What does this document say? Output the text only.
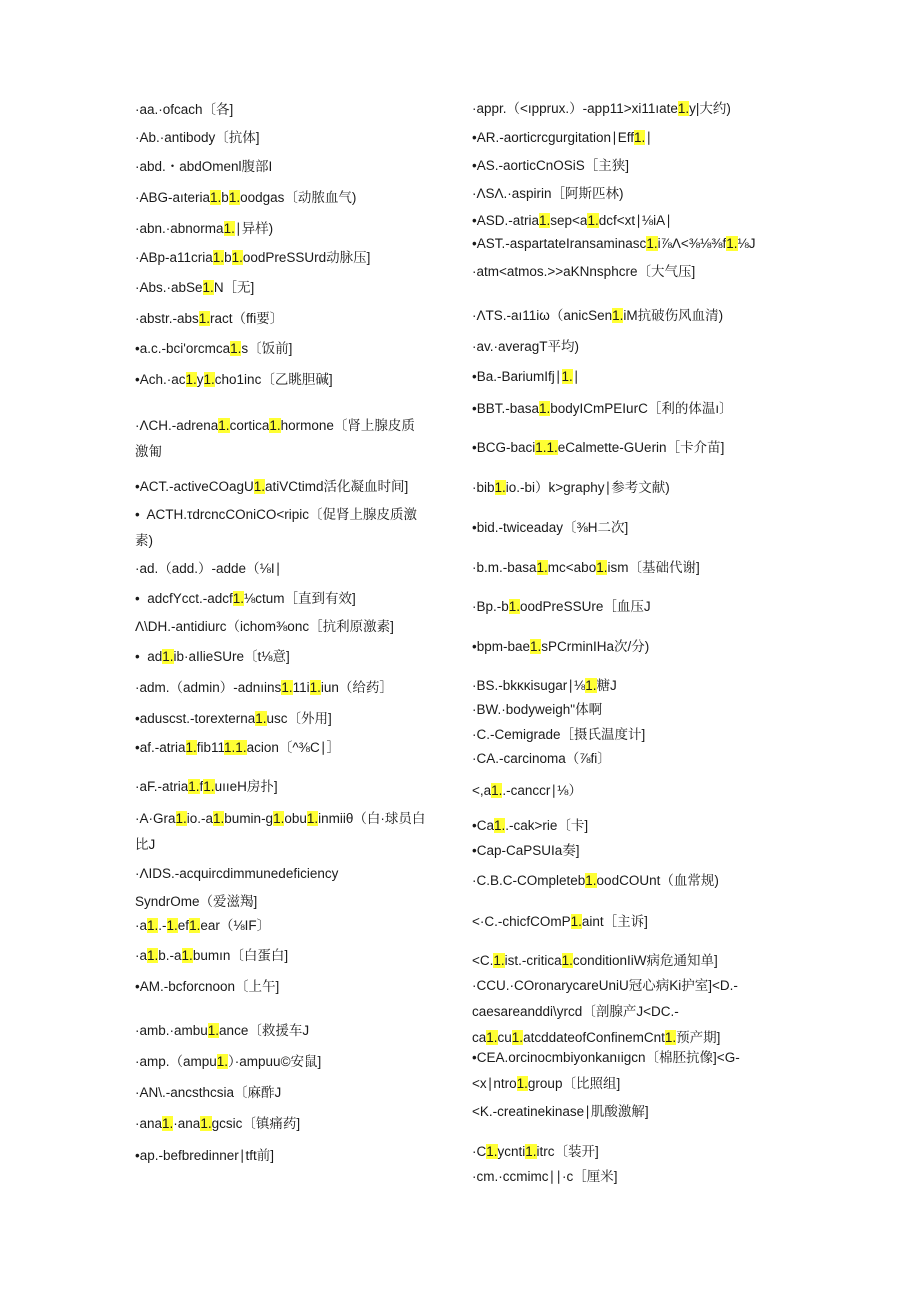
·aa.·ofcach〔各]
·Ab.·antibody〔抗体]
·abd.・abdOmenl腹部I
·ABG-aıteria1.b1.oodgas〔动脓血气)
·abn.·abnorma1.∣异样)
·ABp-a11cria1.b1.oodPreSSUrd动脉压]
·Abs.·abSe1.N［无]
·abstr.-abs1.ract（ffi要〕
•a.c.-bci'orcmca1.s〔饭前]
•Ach.·ac1.y1.cho1inc〔乙眺胆碱]
·ΛCH.-adrena1.cortica1.hormone〔肾上腺皮质
激匍
•ACT.-activeCOagU1.atiVCtimd活化凝血时间]
•  ACTH.τdrcncCOniCO<ripic〔促肾上腺皮质激
素)
·ad.（add.）-adde（⅛I∣
•  adcfYcct.-adcf1.⅛ctum［直到有效]
Λ\DH.-antidiurc（ichom⅜onc［抗利原激素]
•  ad1.ib·aIlieSUre〔t⅛意]
·adm.（admin）-adnıins1.11i1.iun（给药］
•aduscst.-torexterna1.usc〔外用]
•af.-atria1.fib111.1.acion〔^⅜C∣］
·aF.-atria1.f1.uııeH房扑]
·A·Gra1.io.-a1.bumin-g1.obu1.inmiiθ（白·球员白
比J
·ΛIDS.-acquircdimmunedeficiency
SyndrOme（爱滋羯]
·a1..-1.ef1.ear（⅛IF〕
·a1.b.-a1.bumın〔白蛋白]
•AM.-bcforcnoon〔上午]
·amb.·ambu1.ance〔救援车J
·amp.（ampu1.）·ampuu©安鼠]
·AN\.-ancsthcsia〔麻酢J
·ana1.·ana1.gcsic〔镇痛药]
•ap.-befbredinner∣tft前]
·appr.（<ıpprux.）-app11>xi11ıate1.y|大约)
•AR.-aorticrcgurgitation∣Eff1.∣
•AS.-aorticCnOSiS［主狭]
·ΛSΛ.·aspirin［阿斯匹林)
•ASD.-atria1.sep<a1.dcf<xt∣⅛iA∣
•AST.-aspartateIransaminasc1.i⅞Λ<⅜⅛⅜f1.⅛J
·atm<atmos.>>aKNnsphcre〔大气压]
·ΛTS.-aı11iω（anicSen1.iM抗破伤风血清)
·av.·averagT平均)
•Ba.-BariumIfj∣1.∣
•BBT.-basa1.bodyICmPEIurC［利的体温ı〕
•BCG-baci1.1.eCalmette-GUerin［卡介苗]
·bib1.io.-bi）k>graphy∣参考文献)
•bid.-twiceaday〔⅜H二次]
·b.m.-basa1.mc<abo1.ism〔基础代谢]
·Bp.-b1.oodPreSSUre［血压J
•bpm-bae1.sPCrminIHa次/分)
·BS.-bkκκisugar∣⅛1.糖J
·BW.·bodyweigh"体啊
·C.-Cemigrade［摄氏温度计]
·CA.-carcinoma（⅞fi〕
<,a1..-canccr∣⅛）
•Ca1..-cak>rie〔卡]
•Cap-CaPSUIa奏]
·C.B.C-COmpleteb1.oodCOUnt（血常规)
<·C.-chicfCOmP1.aint［主诉]
<C.1.ist.-critica1.conditionIiW病危通知单]
·CCU.·COronarycareUniU冠心病Ki护室]<D.-
caesareanddi\yrcd〔剖腺产J<DC.-
ca1.cu1.atcddateofConfinemCnt1.预产期]
•CEA.orcinocmbiyonkanıigcn〔棉胚抗像]<G-
<x∣ntro1.group〔比照组]
<K.-creatinekinase∣肌酸激解]
·C1.ycnti1.itrc〔装开]
·cm.·ccmimc∣∣·c［厘米]
